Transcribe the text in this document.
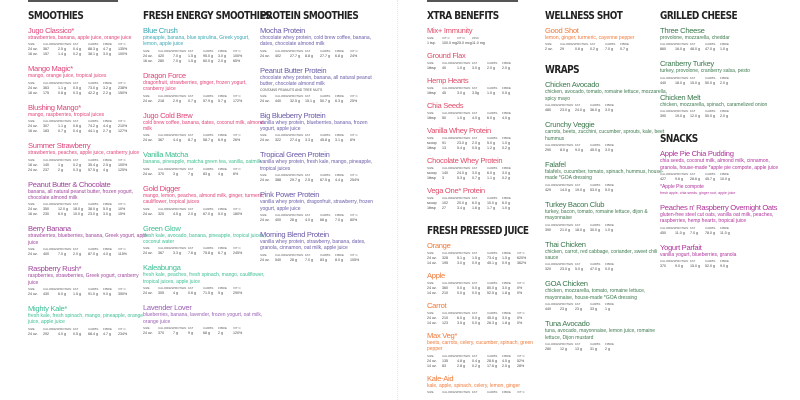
SMOOTHIES
Jugo Classico*
strawberries, banana, apple juice, orange juice
SIZE	CALORIES PROTEIN FAT	CARBS	FIBRE	VIT C
24 oz.	367	2.5 g	0.4 g	88.3 g	4.7 g	135%
16 oz.	157	1.4 g	0.2 g	38.1 g	3.0 g	100%
Mango Magic*
mango, orange juice, tropical juices
SIZE	CALORIES PROTEIN FAT	CARBS	FIBRE	VIT C
24 oz.	363	1.1 g	0.5 g	73.0 g	3.2 g	238%
16 oz.	175	0.8 g	0.3 g	42.2 g	2.2 g	150%
Blushing Mango*
mango, raspberries, tropical juices
SIZE	CALORIES PROTEIN FAT	CARBS	FIBRE	VIT C
24 oz.	307	1.1 g	0.6 g	74.2 g	4.4 g	210%
16 oz.	183	0.7 g	0.4 g	44.1 g	2.7 g	127%
Summer Strawberry
strawberries, peaches, apple juice, cranberry juice
SIZE	CALORIES PROTEIN FAT	CARBS	FIBRE	VIT C
16 oz.	140	1 g	0.2 g	35.4 g	2.5 g	100%
24 oz.	237	2 g	0.3 g	57.5 g	4 g	125%
Peanut Butter & Chocolate
banana, all natural peanut butter, frozen yogurt, chocolate almond milk
SIZE	CALORIES PROTEIN FAT	CARBS	FIBRE	VIT C
24 oz.	350	12.0 g	18.0 g	38.0 g	5.0 g	10%
16 oz.	230	6.0 g	10.0 g	23.0 g	3.0 g	15%
Berry Banana
strawberries, blueberries, banana, Greek yogurt, apple juice
SIZE	CALORIES PROTEIN FAT	CARBS	FIBRE	VIT C
24 oz.	400	7.0 g	2.0 g	87.0 g	4.0 g	115%
Raspberry Rush*
raspberries, strawberries, Greek yogurt, cranberry juice
SIZE	CALORIES PROTEIN FAT	CARBS	FIBRE	VIT C
24 oz.	430	6.0 g	1.5 g	91.0 g	9.0 g	350%
Mighty Kale*
fresh kale, fresh spinach, mango, pineapple, orange juice, apple juice
SIZE	CALORIES PROTEIN FAT	CARBS	FIBRE	VIT C
24 oz.	292	4.0 g	0.5 g	68.4 g	4.7 g	234%
FRESH ENERGY SMOOTHIES
Blue Crush
pineapple, banana, blue spirulina, Greek yogurt, lemon, apple juice
SIZE	CALORIES PROTEIN FAT	CARBS	FIBRE	VIT C
24 oz.	420	7.0 g	1.5 g	95.0 g	3.0 g	100%
16 oz.	280	7.0 g	1.5 g	60.0 g	2.0 g	65%
Dragon Force
dragonfruit, strawberries, ginger, frozen yogurt, cranberry juice
SIZE	CALORIES PROTEIN FAT	CARBS	FIBRE	VIT C
24 oz.	218	2.9 g	0.7 g	57.9 g	5.7 g	172%
Jugo Cold Brew
cold brew coffee, banana, dates, coconut milk, almond milk
SIZE	CALORIES PROTEIN FAT	CARBS	FIBRE	VIT C
24 oz.	367	4.4 g	8.7 g	58.7 g	6.9 g	26%
Vanilla Matcha
banana, pineapple, matcha green tea, vanilla, oatmilk
SIZE	CALORIES PROTEIN FAT	CARBS	FIBRE	VIT C
24 oz.	370	3 g	7 g	83 g	4 g	6%
Gold Digger
mango, lemon, peaches, almond milk, ginger, turmeric, cauliflower, tropical juices
SIZE	CALORIES PROTEIN FAT	CARBS	FIBRE	VIT C
24 oz.	320	4.5 g	2.0 g	67.0 g	5.0 g	180%
Green Glow
fresh kale, avocado, banana, pineapple, tropical juices, coconut water
SIZE	CALORIES PROTEIN FAT	CARBS	FIBRE	VIT C
24 oz.	367	3.3 g	7.6 g	75.8 g	6.7 g	245%
Kaleabunga
fresh kale, peaches, fresh spinach, mango, cauliflower, tropical juices, apple juice
SIZE	CALORIES PROTEIN FAT	CARBS	FIBRE	VIT C
24 oz.	305	4 g	0.6 g	71.5 g	5 g	290%
Lavender Lover
blueberries, banana, lavender, frozen yogurt, oat milk, orange juice
SIZE	CALORIES PROTEIN FAT	CARBS	FIBRE	VIT C
24 oz.	370	7 g	9 g	68 g	2 g	120%
PROTEIN SMOOTHIES
Mocha Protein
chocolate whey protein, cold brew coffee, banana, dates, chocolate almond milk
SIZE	CALORIES PROTEIN FAT	CARBS	FIBRE	VIT C
24 oz.	402	27.7 g	8.8 g	27.7 g	6.8 g	24%
Peanut Butter Protein
chocolate whey protein, banana, all natural peanut butter, chocolate almond milk
CONTAINS PEANUTS AND TREE NUTS
SIZE	CALORIES PROTEIN FAT	CARBS	FIBRE	VIT C
24 oz.	440	32.5 g	15.1 g	50.7 g	6.3 g	25%
Big Blueberry Protein
vanilla whey protein, blueberries, banana, frozen yogurt, apple juice
SIZE	CALORIES PROTEIN FAT	CARBS	FIBRE	VIT C
24 oz.	322	27.4 g	3.3 g	45.8 g	3.1 g	6%
Tropical Green Protein
vanilla whey protein, fresh kale, mango, pineapple, tropical juices
SIZE	CALORIES PROTEIN FAT	CARBS	FIBRE	VIT C
24 oz.	388	29.7 g	2.5 g	67.5 g	4.4 g	254%
Pink Power Protein
vanilla whey protein, dragonfruit, strawberry, frozen yogurt, apple juice
SIZE	CALORIES PROTEIN FAT	CARBS	FIBRE	VIT C
24 oz.	400	28 g	4.0 g	68 g	7.0 g	80%
Morning Blend Protein
vanilla whey protein, strawberry, banana, dates, granola, cinnamon, oat milk, apple juice
SIZE	CALORIES PROTEIN FAT	CARBS	FIBRE	VIT C
24 oz.	540	28 g	7.0 g	83 g	8.0 g	105%
XTRA BENEFITS
Mix+ Immunity
SIZE	VIT C	VIT D	ZINC
1 tsp.	100.0 mg 25.0 mcg 11.0 mg
Ground Flax
SIZE	CALORIES PROTEIN FAT	CARBS	FIBRE
1tbsp	40	1.0 g	3.0 g	2.0 g	2.0 g
Hemp Hearts
SIZE	CALORIES PROTEIN FAT	CARBS	FIBRE
1tbsp	45	3.0 g	3.5g	1.0 g	0.5 g
Chia Seeds
SIZE	CALORIES PROTEIN FAT	CARBS	FIBRE
1tbsp	50	1.0 g	4.0 g	6.0 g	4.0 g
Vanilla Whey Protein
SIZE	CALORIES PROTEIN FAT	CARBS	FIBRE
scoop	91	23.0 g	2.0 g	5.0 g	1.0 g
1tbsp	13	5.4 g	0.5 g	1.2 g	0.2 g
Chocolate Whey Protein
SIZE	CALORIES PROTEIN FAT	CARBS	FIBRE
scoop	140	24.0 g	3.0 g	6.0 g	3.0 g
1tbsp	3	5.3 g	0.7 g	1.1 g	0.2 g
Vega One* Protein
SIZE	CALORIES PROTEIN FAT	CARBS	FIBRE
scoop	102	20.0 g	6.0 g	10.0 g	6.0 g
1tbsp	27	3.4 g	1.6 g	1.7 g	1.0 g
FRESH PRESSED JUICE
Orange
SIZE	CALORIES PROTEIN FAT	CARBS	FIBRE	VIT C
24 oz.	328	5.1 g	1.5 g	73.4 g	1.5 g	620%
14 oz.	195	3.0 g	0.9 g	45.1 g	0.9 g	362%
Apple
SIZE	CALORIES PROTEIN FAT	CARBS	FIBRE	VIT C
24 oz.	360	0.0 g	0.0 g	80.0 g	3.0 g	0%
14 oz.	210	0.0 g	0.0 g	52.5 g	1.8 g	0%
Carrot
SIZE	CALORIES PROTEIN FAT	CARBS	FIBRE	VIT C
24 oz.	210	6.0 g	0.0 g	45.0 g	3.0 g	0%
14 oz.	123	3.5 g	0.0 g	26.3 g	1.8 g	0%
Max Veg*
beets, carrots, celery, cucumber, spinach, green pepper
SIZE	CALORIES PROTEIN FAT	CARBS	FIBRE	VIT C
24 oz.	135	4.8 g	0.4 g	28.6 g	4.5 g	52%
14 oz.	83	2.8 g	0.2 g	17.6 g	2.5 g	28%
Kale-Aid
kale, apple, spinach, celery, lemon, ginger
SIZE	CALORIES PROTEIN FAT	CARBS	FIBRE	VIT C
WELLNESS SHOT
Good Shot
lemon, ginger, turmeric, cayenne pepper
SIZE	CALORIES PROTEIN FAT	CARBS	FIBRE
2 oz.	29	0.6 g	0.2 g	7.0 g	0.7 g
WRAPS
Chicken Avocado
chicken, avocado, tomato, romaine lettuce, mozzarella, spicy mayo
CALORIES PROTEIN FAT	CARBS	FIBRE
480	23.0 g	24.0 g	36.0 g	3.0 g
Crunchy Veggie
carrots, beets, zucchini, cucumber, sprouts, kale, beet hummus
CALORIES PROTEIN FAT	CARBS	FIBRE
290	8.0 g	9.0 g	45.0 g	3.0 g
Falafel
falafels, cucumber, tomato, spinach, hummus, house-made *GOA dressing
CALORIES PROTEIN FAT	CARBS	FIBRE
429	14.0 g	19.0 g	53.0 g	5.0 g
Turkey Bacon Club
turkey, bacon, tomato, romaine lettuce, dijon & mayonnaise
CALORIES PROTEIN FAT	CARBS	FIBRE
390	21.0 g	18.0 g	30.0 g	1.0 g
Thai Chicken
chicken, carrot, red cabbage, coriander, sweet chili sauce
CALORIES PROTEIN FAT	CARBS	FIBRE
320	23.0 g	5.0 g	47.0 g	0.0 g
GOA Chicken
chicken, mozzarella, tomato, romaine lettuce, mayonnaise, house-made *GOA dressing
CALORIES PROTEIN FAT	CARBS	FIBRE
440	23 g	23 g	33 g	1 g
Tuna Avocado
tuna, avocado, mayonnaise, lemon juice, romaine lettuce, Dijon mustard
CALORIES PROTEIN FAT	CARBS	FIBRE
280	12 g	13 g	31 g	2 g
GRILLED CHEESE
Three Cheese
provolone, mozzarella, cheddar
CALORIES PROTEIN FAT	CARBS	FIBRE
860	16.0 g	48.0 g	47.0 g	1.0 g
Cranberry Turkey
turkey, provolone, cranberry salsa, pesto
CALORIES PROTEIN FAT	CARBS	FIBRE
440	18.0 g	15.0 g	50.0 g	2.0 g
Chicken Melt
chicken, mozzarella, spinach, caramelized onion
CALORIES PROTEIN FAT	CARBS	FIBRE
390	19.0 g	12.0 g	50.0 g	2.0 g
SNACKS
Apple Pie Chia Pudding
chia seeds, coconut milk, almond milk, cinnamon, granola, house-made *apple pie compote, apple juice
CALORIES PROTEIN FAT	CARBS	FIBRE
427	9.6 g	28.6 g	45.7 g	10.0 g
*Apple Pie compote
fresh apple, chia seeds, ginger root, apple juice
Peaches n' Raspberry Overnight Oats
gluten-free steel cut oats, vanilla oat milk, peaches, raspberries, hemp hearts, tropical juice
CALORIES PROTEIN FAT	CARBS	FIBRE
450	11.0 g	7.0 g	78.0 g	11.0 g
Yogurt Parfait
vanilla yogurt, blueberries, granola
CALORIES PROTEIN FAT	CARBS	FIBRE
370	9.0 g	15.0 g	52.0 g	9.0 g
